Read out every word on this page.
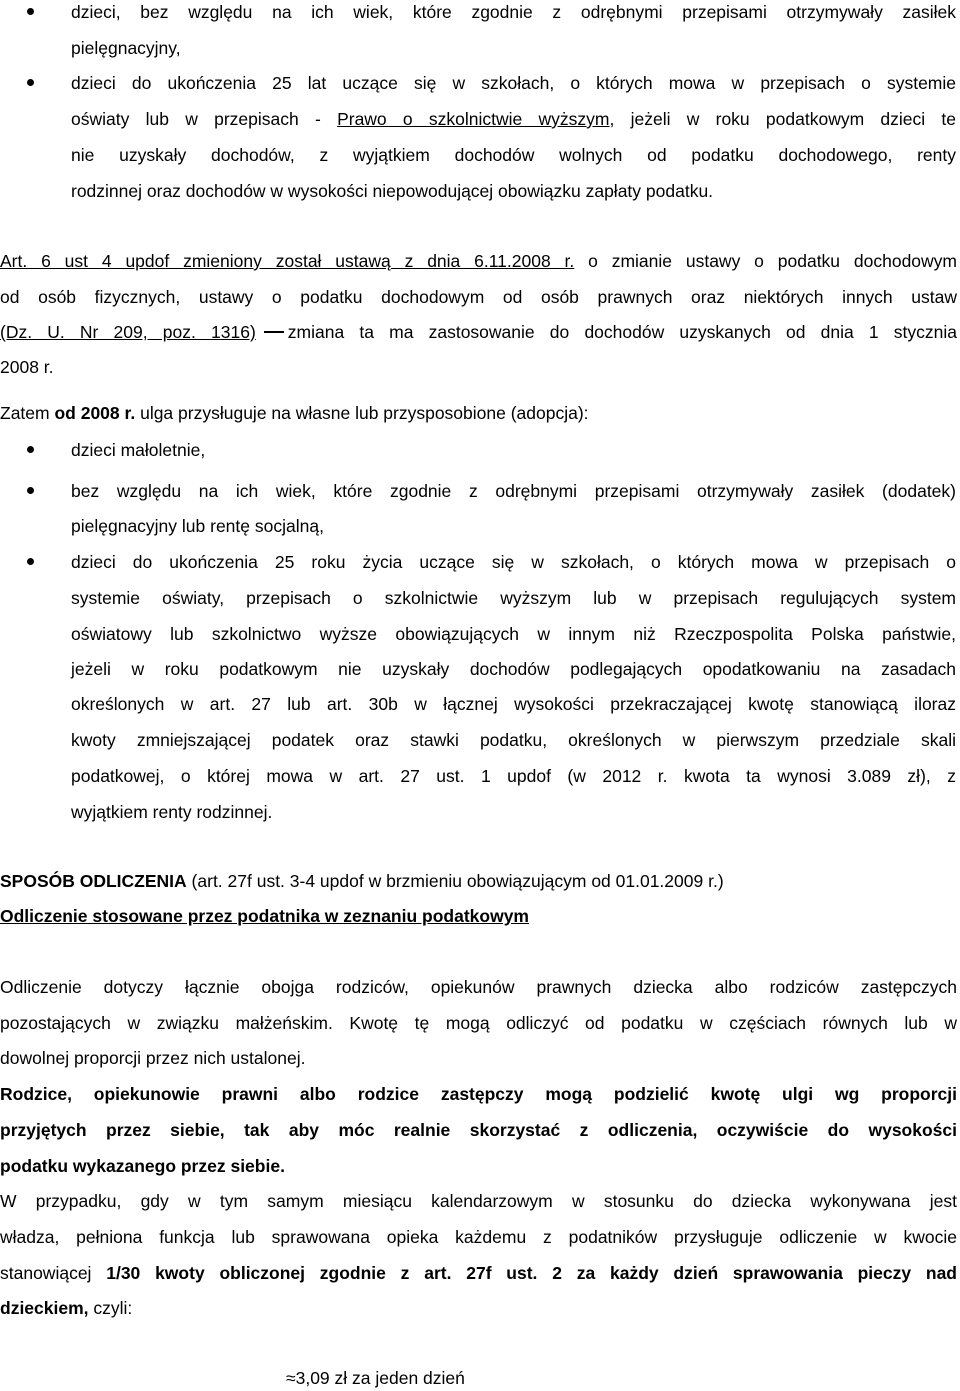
dzieci, bez względu na ich wiek, które zgodnie z odrębnymi przepisami otrzymywały zasiłek
pielęgnacyjny,
dzieci do ukończenia 25 lat uczące się w szkołach, o których mowa w przepisach o systemie
oświaty lub w przepisach - Prawo o szkolnictwie wyższym, jeżeli w roku podatkowym dzieci te
nie uzyskały dochodów, z wyjątkiem dochodów wolnych od podatku dochodowego, renty
rodzinnej oraz dochodów w wysokości niepowodującej obowiązku zapłaty podatku.
Art. 6 ust 4 updof zmieniony został ustawą z dnia 6.11.2008 r. o zmianie ustawy o podatku dochodowym
od osób fizycznych, ustawy o podatku dochodowym od osób prawnych oraz niektórych innych ustaw
(Dz. U. Nr 209, poz. 1316) zmiana ta ma zastosowanie do dochodów uzyskanych od dnia 1 stycznia
2008 r.
Zatem od 2008 r. ulga przysługuje na własne lub przysposobione (adopcja):
dzieci małoletnie,
bez względu na ich wiek, które zgodnie z odrębnymi przepisami otrzymywały zasiłek (dodatek)
pielęgnacyjny lub rentę socjalną,
dzieci do ukończenia 25 roku życia uczące się w szkołach, o których mowa w przepisach o
systemie oświaty, przepisach o szkolnictwie wyższym lub w przepisach regulujących system
oświatowy lub szkolnictwo wyższe obowiązujących w innym niż Rzeczpospolita Polska państwie,
jeżeli w roku podatkowym nie uzyskały dochodów podlegających opodatkowaniu na zasadach
określonych w art. 27 lub art. 30b w łącznej wysokości przekraczającej kwotę stanowiącą iloraz
kwoty zmniejszającej podatek oraz stawki podatku, określonych w pierwszym przedziale skali
podatkowej, o której mowa w art. 27 ust. 1 updof (w 2012 r. kwota ta wynosi 3.089 zł), z
wyjątkiem renty rodzinnej.
SPOSÓB ODLICZENIA (art. 27f ust. 3-4 updof w brzmieniu obowiązującym od 01.01.2009 r.)
Odliczenie stosowane przez podatnika w zeznaniu podatkowym
Odliczenie dotyczy łącznie obojga rodziców, opiekunów prawnych dziecka albo rodziców zastępczych
pozostających w związku małżeńskim. Kwotę tę mogą odliczyć od podatku w częściach równych lub w
dowolnej proporcji przez nich ustalonej.
Rodzice, opiekunowie prawni albo rodzice zastępczy mogą podzielić kwotę ulgi wg proporcji
przyjętych przez siebie, tak aby móc realnie skorzystać z odliczenia, oczywiście do wysokości
podatku wykazanego przez siebie.
W przypadku, gdy w tym samym miesiącu kalendarzowym w stosunku do dziecka wykonywana jest
władza, pełniona funkcja lub sprawowana opieka każdemu z podatników przysługuje odliczenie w kwocie
stanowiącej 1/30 kwoty obliczonej zgodnie z art. 27f ust. 2 za każdy dzień sprawowania pieczy nad
dzieckiem, czyli:
≈3,09 zł za jeden dzień
